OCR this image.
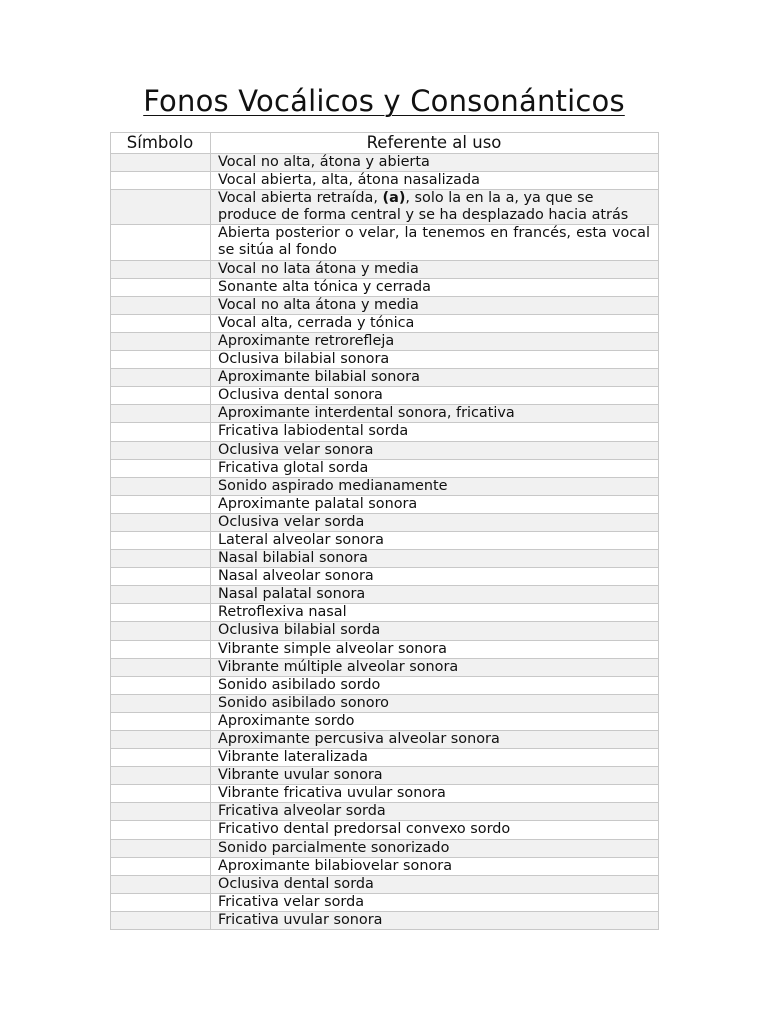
Fonos Vocálicos y Consonánticos
Símbolo	Referente al uso
	Vocal no alta, átona y abierta
	Vocal abierta, alta, átona nasalizada
	Vocal abierta retraída, (a), solo la en la a, ya que se produce de forma central y se ha desplazado hacia atrás
	Abierta posterior o velar, la tenemos en francés, esta vocal se sitúa al fondo
	Vocal no lata átona y media
	Sonante alta tónica y cerrada
	Vocal no alta átona y media
	Vocal alta, cerrada y tónica
	Aproximante retrorefleja
	Oclusiva bilabial sonora
	Aproximante bilabial sonora
	Oclusiva dental sonora
	Aproximante interdental sonora, fricativa
	Fricativa labiodental sorda
	Oclusiva velar sonora
	Fricativa glotal sorda
	Sonido aspirado medianamente
	Aproximante palatal sonora
	Oclusiva velar sorda
	Lateral alveolar sonora
	Nasal bilabial sonora
	Nasal alveolar sonora
	Nasal palatal sonora
	Retroflexiva nasal
	Oclusiva bilabial sorda
	Vibrante simple alveolar sonora
	Vibrante múltiple alveolar sonora
	Sonido asibilado sordo
	Sonido asibilado sonoro
	Aproximante sordo
	Aproximante percusiva alveolar sonora
	Vibrante lateralizada
	Vibrante uvular sonora
	Vibrante fricativa uvular sonora
	Fricativa alveolar sorda
	Fricativo dental predorsal convexo sordo
	Sonido parcialmente sonorizado
	Aproximante bilabiovelar sonora
	Oclusiva dental sorda
	Fricativa velar sorda
	Fricativa uvular sonora
